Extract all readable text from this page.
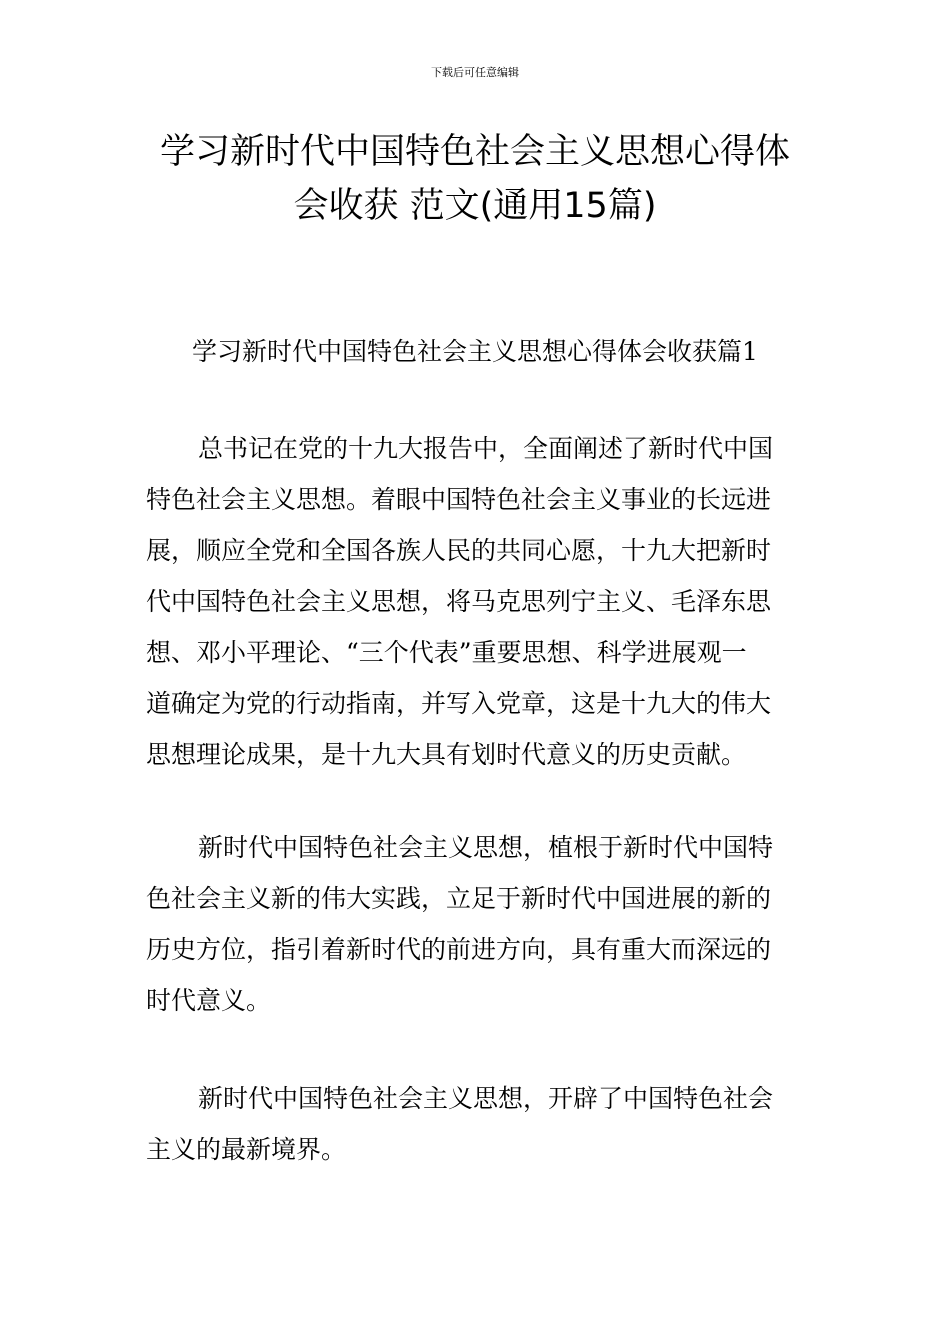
下载后可任意编辑
学习新时代中国特色社会主义思想心得体
会收获 范文(通用15篇)
学习新时代中国特色社会主义思想心得体会收获篇1

总书记在党的十九大报告中，全面阐述了新时代中国
特色社会主义思想。着眼中国特色社会主义事业的长远进
展，顺应全党和全国各族人民的共同心愿，十九大把新时
代中国特色社会主义思想，将马克思列宁主义、毛泽东思
想、邓小平理论、“三个代表”重要思想、科学进展观一
道确定为党的行动指南，并写入党章，这是十九大的伟大
思想理论成果，是十九大具有划时代意义的历史贡献。

新时代中国特色社会主义思想，植根于新时代中国特
色社会主义新的伟大实践，立足于新时代中国进展的新的
历史方位，指引着新时代的前进方向，具有重大而深远的
时代意义。

新时代中国特色社会主义思想，开辟了中国特色社会
主义的最新境界。
